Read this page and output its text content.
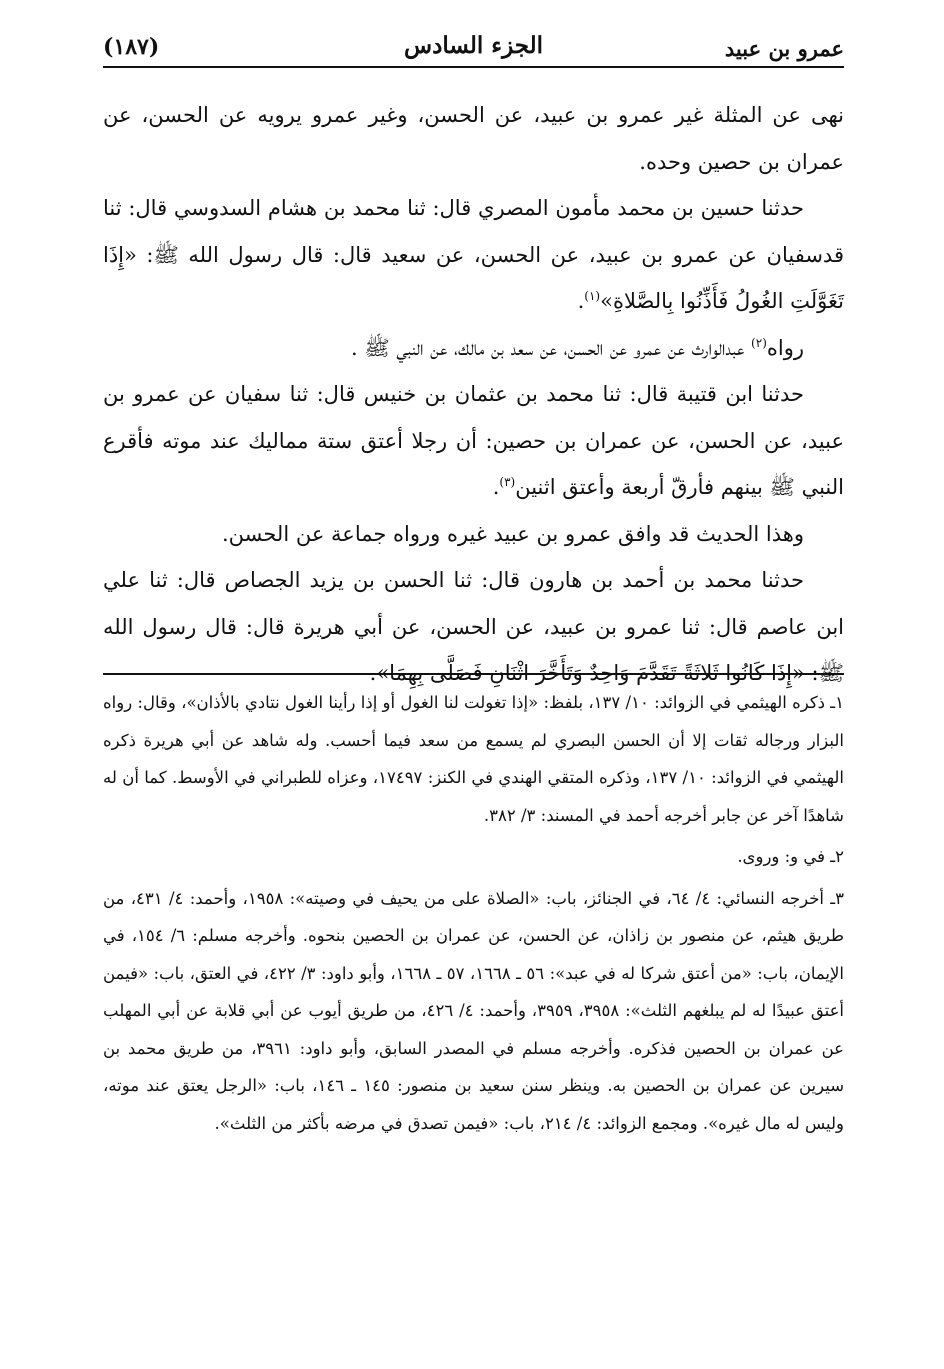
عمرو بن عبيد
الجزء السادس
(١٨٧)

نهى عن المثلة غير عمرو بن عبيد، عن الحسن، وغير عمرو يرويه عن الحسن، عن عمران بن حصين وحده.

حدثنا حسين بن محمد مأمون المصري قال: ثنا محمد بن هشام السدوسي قال: ثنا قدسفيان عن عمرو بن عبيد، عن الحسن، عن سعيد قال: قال رسول الله ﷺ: «إِذَا تَغَوَّلَتِ الغُولُ فَأَذِّنُوا بِالصَّلاةِ»$^{(١)}$.

رواه$^{(٢)}$ عبدالوارث عن عمرو عن الحسن، عن سعد بن مالك، عن النبي ﷺ .

حدثنا ابن قتيبة قال: ثنا محمد بن عثمان بن خنيس قال: ثنا سفيان عن عمرو بن عبيد، عن الحسن، عن عمران بن حصين: أن رجلا أعتق ستة مماليك عند موته فأقرع النبي ﷺ بينهم فأرقّ أربعة وأعتق اثنين$^{(٣)}$.

وهذا الحديث قد وافق عمرو بن عبيد غيره ورواه جماعة عن الحسن.

حدثنا محمد بن أحمد بن هارون قال: ثنا الحسن بن يزيد الجصاص قال: ثنا علي ابن عاصم قال: ثنا عمرو بن عبيد، عن الحسن، عن أبي هريرة قال: قال رسول الله ﷺ: «إِذَا كَانُوا ثَلاثَةً تَقَدَّمَ وَاحِدٌ وَتَأَخَّرَ اثْنَانِ فَصَلَّى بِهِمَا».

١ـ ذكره الهيثمي في الزوائد: ١٠/ ١٣٧، بلفظ: «إذا تغولت لنا الغول أو إذا رأينا الغول نتادي بالأذان»، وقال: رواه البزار ورجاله ثقات إلا أن الحسن البصري لم يسمع من سعد فيما أحسب. وله شاهد عن أبي هريرة ذكره الهيثمي في الزوائد: ١٠/ ١٣٧، وذكره المتقي الهندي في الكنز: ١٧٤٩٧، وعزاه للطبراني في الأوسط. كما أن له شاهدًا آخر عن جابر أخرجه أحمد في المسند: ٣/ ٣٨٢.

٢ـ في و: وروى.

٣ـ أخرجه النسائي: ٤/ ٦٤، في الجنائز، باب: «الصلاة على من يحيف في وصيته»: ١٩٥٨، وأحمد: ٤/ ٤٣١، من طريق هيثم، عن منصور بن زاذان، عن الحسن، عن عمران بن الحصين بنحوه. وأخرجه مسلم: ٦/ ١٥٤، في الإيمان، باب: «من أعتق شركا له في عبد»: ٥٦ ـ ١٦٦٨، ٥٧ ـ ١٦٦٨، وأبو داود: ٣/ ٤٢٢، في العتق، باب: «فيمن أعتق عبيدًا له لم يبلغهم الثلث»: ٣٩٥٨، ٣٩٥٩، وأحمد: ٤/ ٤٢٦، من طريق أيوب عن أبي قلابة عن أبي المهلب عن عمران بن الحصين فذكره. وأخرجه مسلم في المصدر السابق، وأبو داود: ٣٩٦١، من طريق محمد بن سيرين عن عمران بن الحصين به. وينظر سنن سعيد بن منصور: ١٤٥ ـ ١٤٦، باب: «الرجل يعتق عند موته، وليس له مال غيره». ومجمع الزوائد: ٤/ ٢١٤، باب: «فيمن تصدق في مرضه بأكثر من الثلث».
